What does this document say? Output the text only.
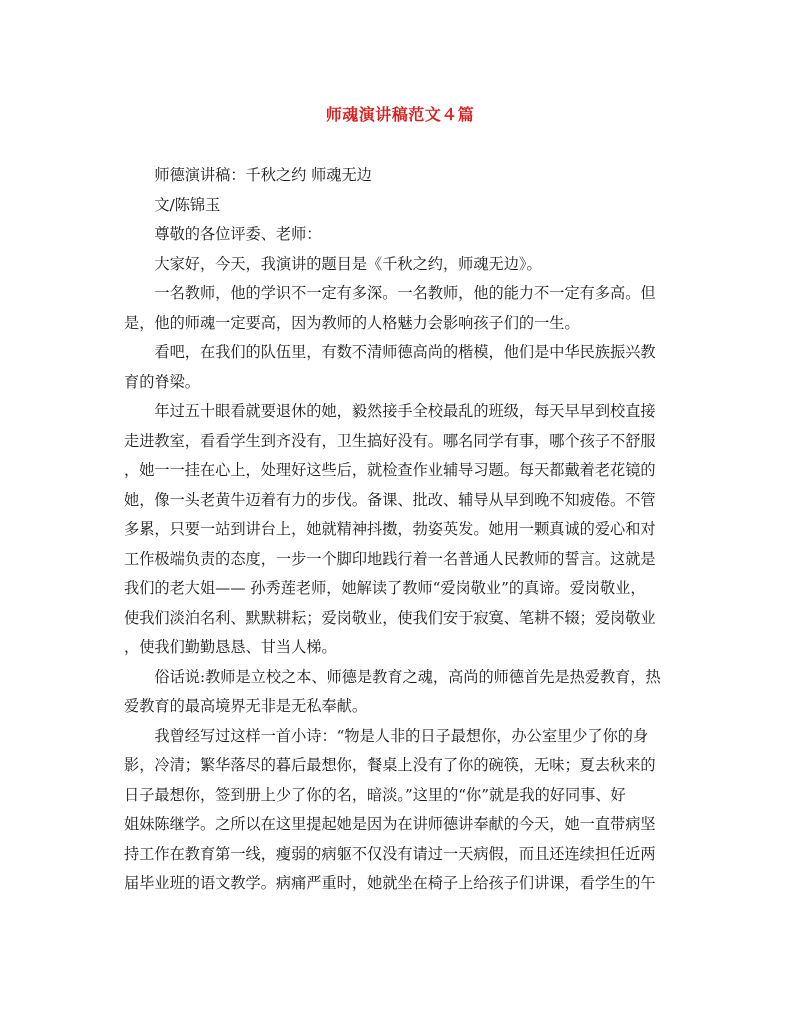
师魂演讲稿范文４篇

师德演讲稿：千秋之约 师魂无边

文/陈锦玉

尊敬的各位评委、老师：

大家好，今天，我演讲的题目是《千秋之约，师魂无边》。

一名教师，他的学识不一定有多深。一名教师，他的能力不一定有多高。但
是，他的师魂一定要高，因为教师的人格魅力会影响孩子们的一生。

看吧，在我们的队伍里，有数不清师德高尚的楷模，他们是中华民族振兴教
育的脊梁。

年过五十眼看就要退休的她，毅然接手全校最乱的班级，每天早早到校直接
走进教室，看看学生到齐没有，卫生搞好没有。哪名同学有事，哪个孩子不舒服
，她一一挂在心上，处理好这些后，就检查作业辅导习题。每天都戴着老花镜的
她，像一头老黄牛迈着有力的步伐。备课、批改、辅导从早到晚不知疲倦。不管
多累，只要一站到讲台上，她就精神抖擞，勃姿英发。她用一颗真诚的爱心和对
工作极端负责的态度，一步一个脚印地践行着一名普通人民教师的誓言。这就是
我们的老大姐—— 孙秀莲老师，她解读了教师“爱岗敬业”的真谛。爱岗敬业，
使我们淡泊名利、默默耕耘；爱岗敬业，使我们安于寂寞、笔耕不辍；爱岗敬业
，使我们勤勤恳恳、甘当人梯。

俗话说:教师是立校之本、师德是教育之魂，高尚的师德首先是热爱教育，热
爱教育的最高境界无非是无私奉献。

我曾经写过这样一首小诗：“物是人非的日子最想你，办公室里少了你的身
影，冷清；繁华落尽的暮后最想你，餐桌上没有了你的碗筷，无味；夏去秋来的
日子最想你，签到册上少了你的名，暗淡。”这里的“你”就是我的好同事、好
姐妹陈继学。之所以在这里提起她是因为在讲师德讲奉献的今天，她一直带病坚
持工作在教育第一线，瘦弱的病躯不仅没有请过一天病假，而且还连续担任近两
届毕业班的语文教学。病痛严重时，她就坐在椅子上给孩子们讲课，看学生的午
